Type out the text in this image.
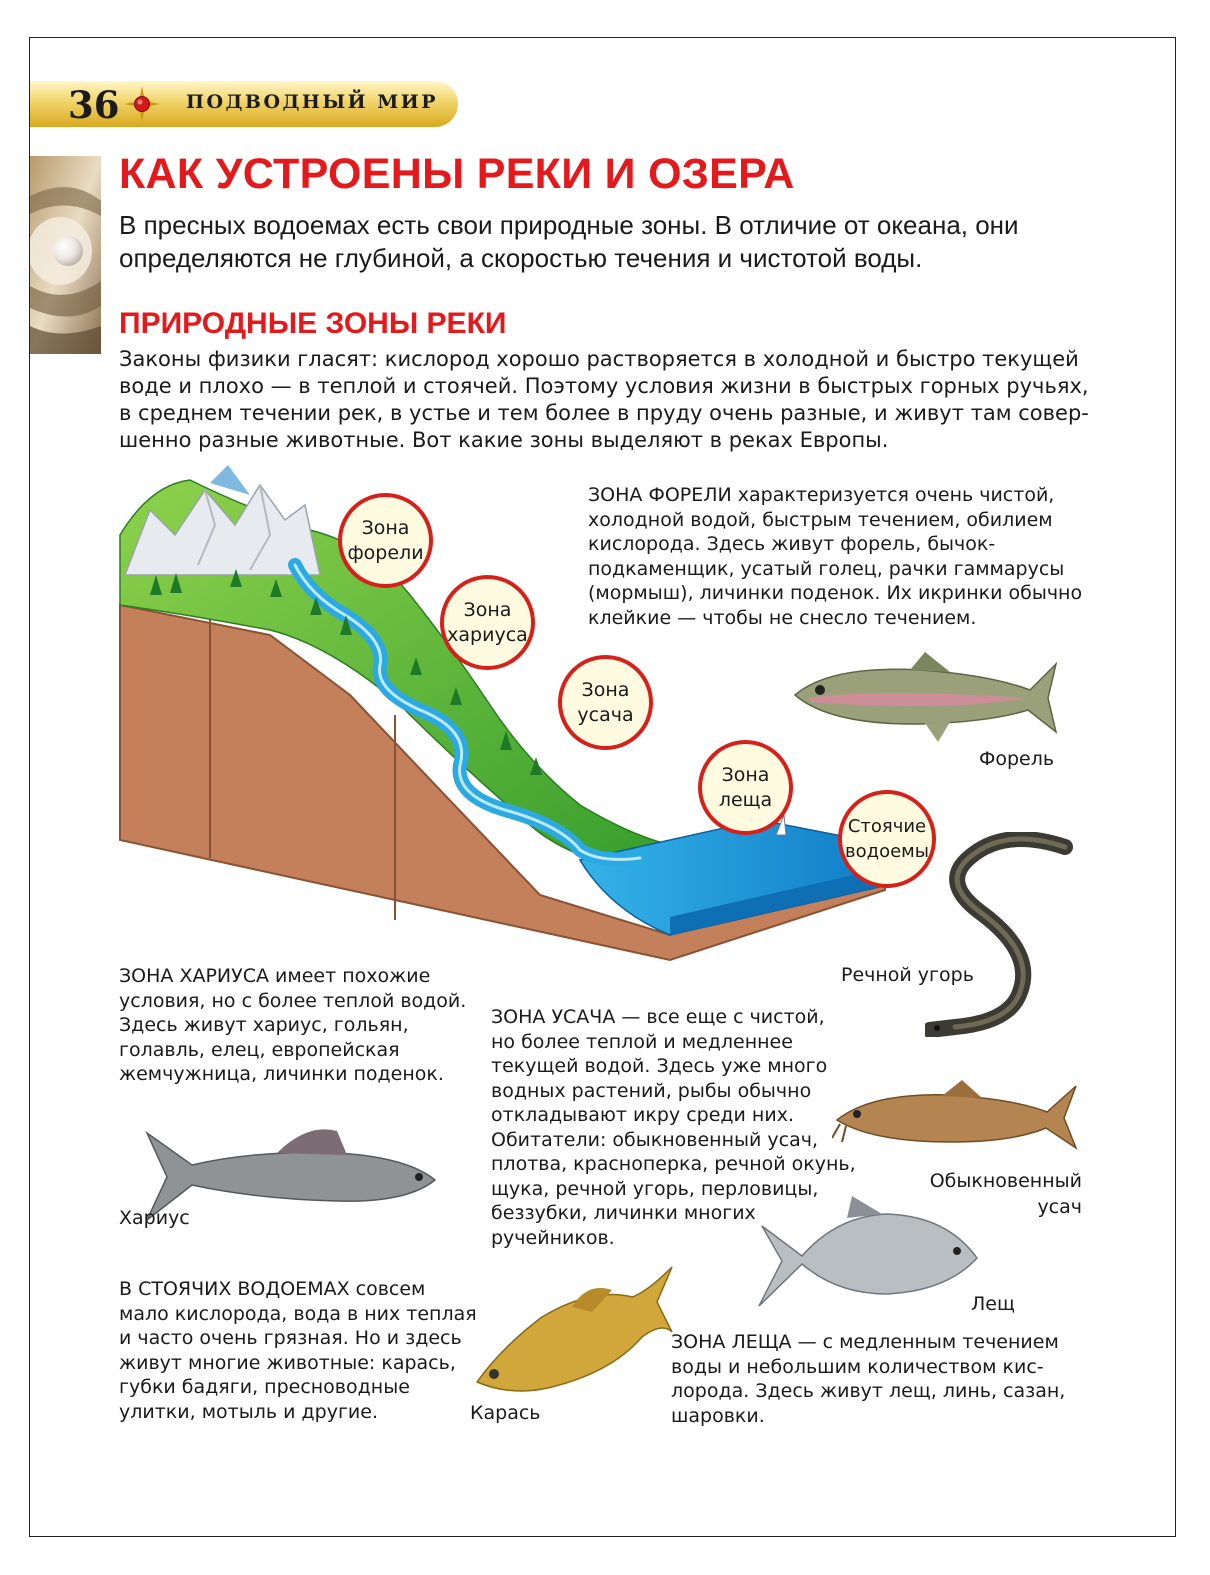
36	ПОДВОДНЫЙ МИР
КАК УСТРОЕНЫ РЕКИ И ОЗЕРА

В пресных водоемах есть свои природные зоны. В отличие от океана, они
определяются не глубиной, а скоростью течения и чистотой воды.

ПРИРОДНЫЕ ЗОНЫ РЕКИ

Законы физики гласят: кислород хорошо растворяется в холодной и быстро текущей
воде и плохо — в теплой и стоячей. Поэтому условия жизни в быстрых горных ручьях,
в среднем течении рек, в устье и тем более в пруду очень разные, и живут там совер-
шенно разные животные. Вот какие зоны выделяют в реках Европы.

Зона
форели
Зона
хариуса
Зона
усача
Зона
леща
Стоячие
водоемы

ЗОНА ФОРЕЛИ характеризуется очень чистой,
холодной водой, быстрым течением, обилием
кислорода. Здесь живут форель, бычок-
подкаменщик, усатый голец, рачки гаммарусы
(мормыш), личинки поденок. Их икринки обычно
клейкие — чтобы не снесло течением.

ЗОНА ХАРИУСА имеет похожие
условия, но с более теплой водой.
Здесь живут хариус, гольян,
голавль, елец, европейская
жемчужница, личинки поденок.

ЗОНА УСАЧА — все еще с чистой,
но более теплой и медленнее
текущей водой. Здесь уже много
водных растений, рыбы обычно
откладывают икру среди них.
Обитатели: обыкновенный усач,
плотва, красноперка, речной окунь,
щука, речной угорь, перловицы,
беззубки, личинки многих
ручейников.

В СТОЯЧИХ ВОДОЕМАХ совсем
мало кислорода, вода в них теплая
и часто очень грязная. Но и здесь
живут многие животные: карась,
губки бадяги, пресноводные
улитки, мотыль и другие.

ЗОНА ЛЕЩА — с медленным течением
воды и небольшим количеством кис-
лорода. Здесь живут лещ, линь, сазан,
шаровки.

Форель
Речной угорь
Обыкновенный
усач
Хариус
Лещ
Карась
